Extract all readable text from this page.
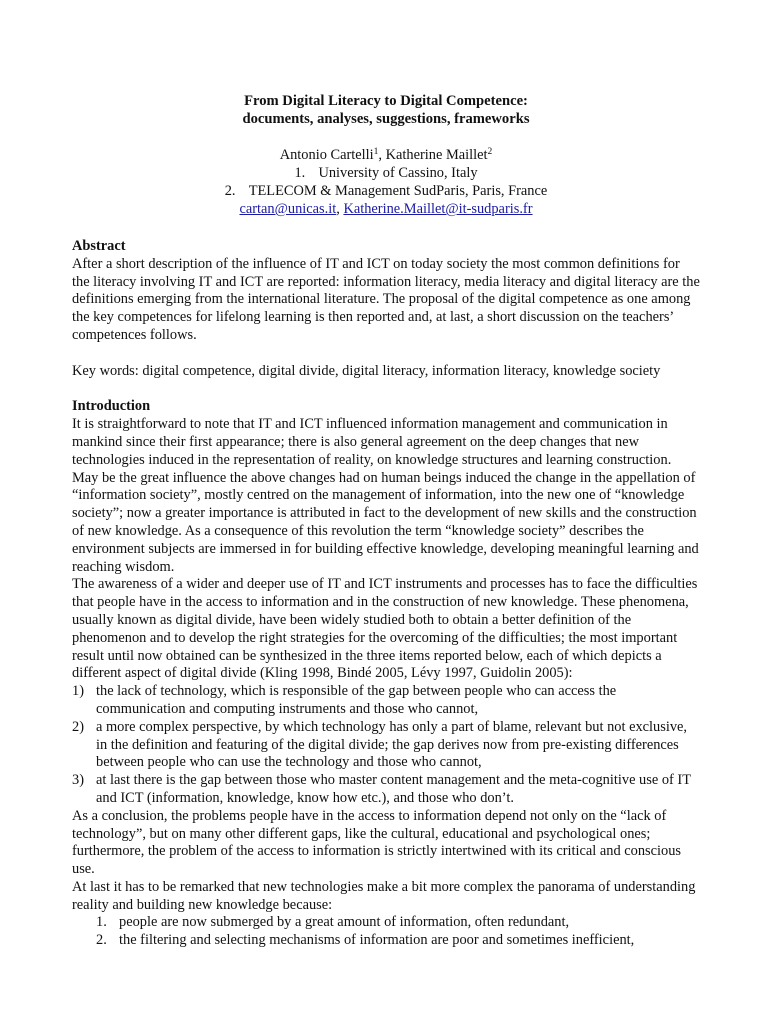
From Digital Literacy to Digital Competence:
documents, analyses, suggestions, frameworks
Antonio Cartelli$^1$, Katherine Maillet$^2$
1. University of Cassino, Italy
2. TELECOM & Management SudParis, Paris, France
cartan@unicas.it, Katherine.Maillet@it-sudparis.fr
Abstract

After a short description of the influence of IT and ICT on today society the most common definitions for the literacy involving IT and ICT are reported: information literacy, media literacy and digital literacy are the definitions emerging from the international literature. The proposal of the digital competence as one among the key competences for lifelong learning is then reported and, at last, a short discussion on the teachers’ competences follows.

Key words: digital competence, digital divide, digital literacy, information literacy, knowledge society

Introduction

It is straightforward to note that IT and ICT influenced information management and communication in mankind since their first appearance; there is also general agreement on the deep changes that new technologies induced in the representation of reality, on knowledge structures and learning construction. May be the great influence the above changes had on human beings induced the change in the appellation of “information society”, mostly centred on the management of information, into the new one of “knowledge society”; now a greater importance is attributed in fact to the development of new skills and the construction of new knowledge. As a consequence of this revolution the term “knowledge society” describes the environment subjects are immersed in for building effective knowledge, developing meaningful learning and reaching wisdom.

The awareness of a wider and deeper use of IT and ICT instruments and processes has to face the difficulties that people have in the access to information and in the construction of new knowledge. These phenomena, usually known as digital divide, have been widely studied both to obtain a better definition of the phenomenon and to develop the right strategies for the overcoming of the difficulties; the most important result until now obtained can be synthesized in the three items reported below, each of which depicts a different aspect of digital divide (Kling 1998, Bindé 2005, Lévy 1997, Guidolin 2005):

1) the lack of technology, which is responsible of the gap between people who can access the communication and computing instruments and those who cannot,
2) a more complex perspective, by which technology has only a part of blame, relevant but not exclusive, in the definition and featuring of the digital divide; the gap derives now from pre-existing differences between people who can use the technology and those who cannot,
3) at last there is the gap between those who master content management and the meta-cognitive use of IT and ICT (information, knowledge, know how etc.), and those who don’t.

As a conclusion, the problems people have in the access to information depend not only on the “lack of technology”, but on many other different gaps, like the cultural, educational and psychological ones; furthermore, the problem of the access to information is strictly intertwined with its critical and conscious use.

At last it has to be remarked that new technologies make a bit more complex the panorama of understanding reality and building new knowledge because:

1. people are now submerged by a great amount of information, often redundant,
2. the filtering and selecting mechanisms of information are poor and sometimes inefficient,
